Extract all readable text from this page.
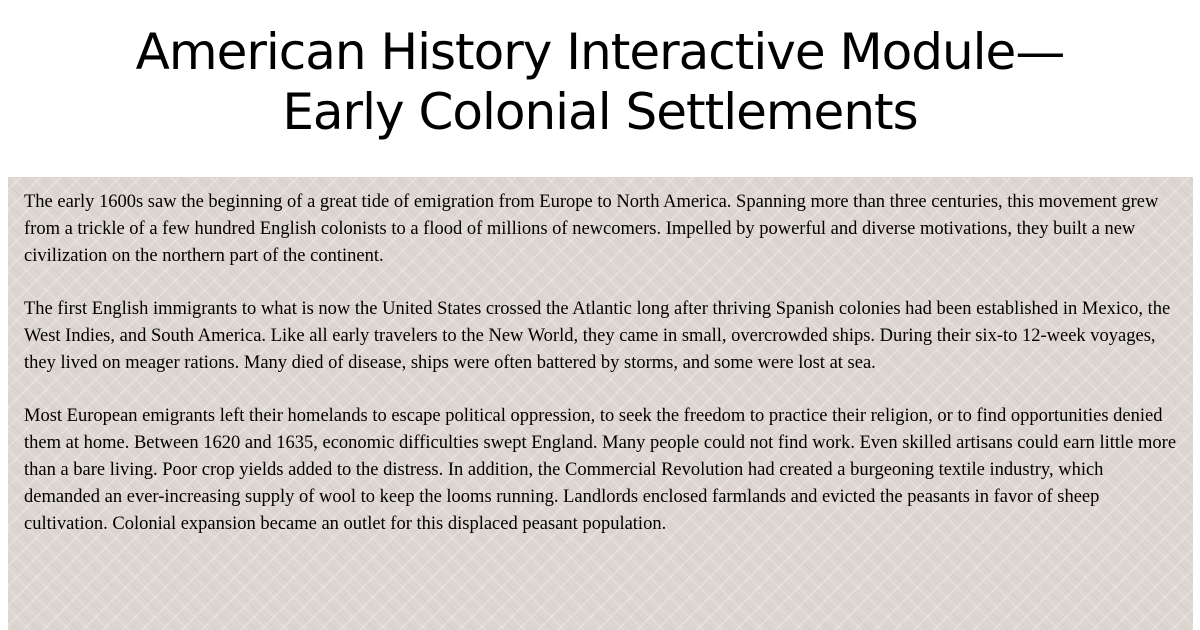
American History Interactive Module—
Early Colonial Settlements

The early 1600s saw the beginning of a great tide of emigration from Europe to North America. Spanning more than three centuries, this movement grew from a trickle of a few hundred English colonists to a flood of millions of newcomers. Impelled by powerful and diverse motivations, they built a new civilization on the northern part of the continent.

The first English immigrants to what is now the United States crossed the Atlantic long after thriving Spanish colonies had been established in Mexico, the West Indies, and South America. Like all early travelers to the New World, they came in small, overcrowded ships. During their six-to 12-week voyages, they lived on meager rations. Many died of disease, ships were often battered by storms, and some were lost at sea.

Most European emigrants left their homelands to escape political oppression, to seek the freedom to practice their religion, or to find opportunities denied them at home. Between 1620 and 1635, economic difficulties swept England. Many people could not find work. Even skilled artisans could earn little more than a bare living. Poor crop yields added to the distress. In addition, the Commercial Revolution had created a burgeoning textile industry, which demanded an ever-increasing supply of wool to keep the looms running. Landlords enclosed farmlands and evicted the peasants in favor of sheep cultivation. Colonial expansion became an outlet for this displaced peasant population.
